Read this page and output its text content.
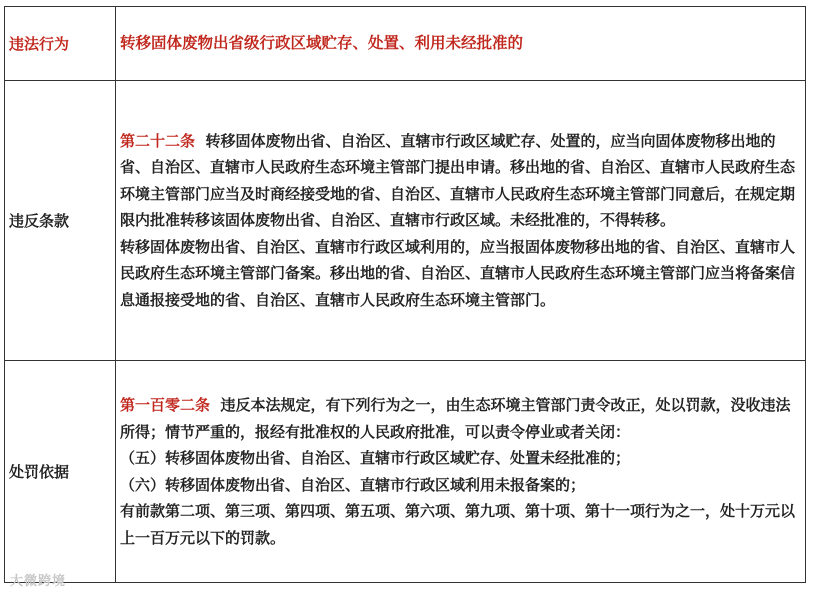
违法行为	转移固体废物出省级行政区域贮存、处置、利用未经批准的
违反条款	第二十二条 转移固体废物出省、自治区、直辖市行政区域贮存、处置的，应当向固体废物移出地的省、自治区、直辖市人民政府生态环境主管部门提出申请。移出地的省、自治区、直辖市人民政府生态环境主管部门应当及时商经接受地的省、自治区、直辖市人民政府生态环境主管部门同意后，在规定期限内批准转移该固体废物出省、自治区、直辖市行政区域。未经批准的，不得转移。

转移固体废物出省、自治区、直辖市行政区域利用的，应当报固体废物移出地的省、自治区、直辖市人民政府生态环境主管部门备案。移出地的省、自治区、直辖市人民政府生态环境主管部门应当将备案信息通报接受地的省、自治区、直辖市人民政府生态环境主管部门。

处罚依据	第一百零二条 违反本法规定，有下列行为之一，由生态环境主管部门责令改正，处以罚款，没收违法所得；情节严重的，报经有批准权的人民政府批准，可以责令停业或者关闭：

（五）转移固体废物出省、自治区、直辖市行政区域贮存、处置未经批准的；

（六）转移固体废物出省、自治区、直辖市行政区域利用未报备案的；

有前款第二项、第三项、第四项、第五项、第六项、第九项、第十项、第十一项行为之一，处十万元以上一百万元以下的罚款。

大微跨境
